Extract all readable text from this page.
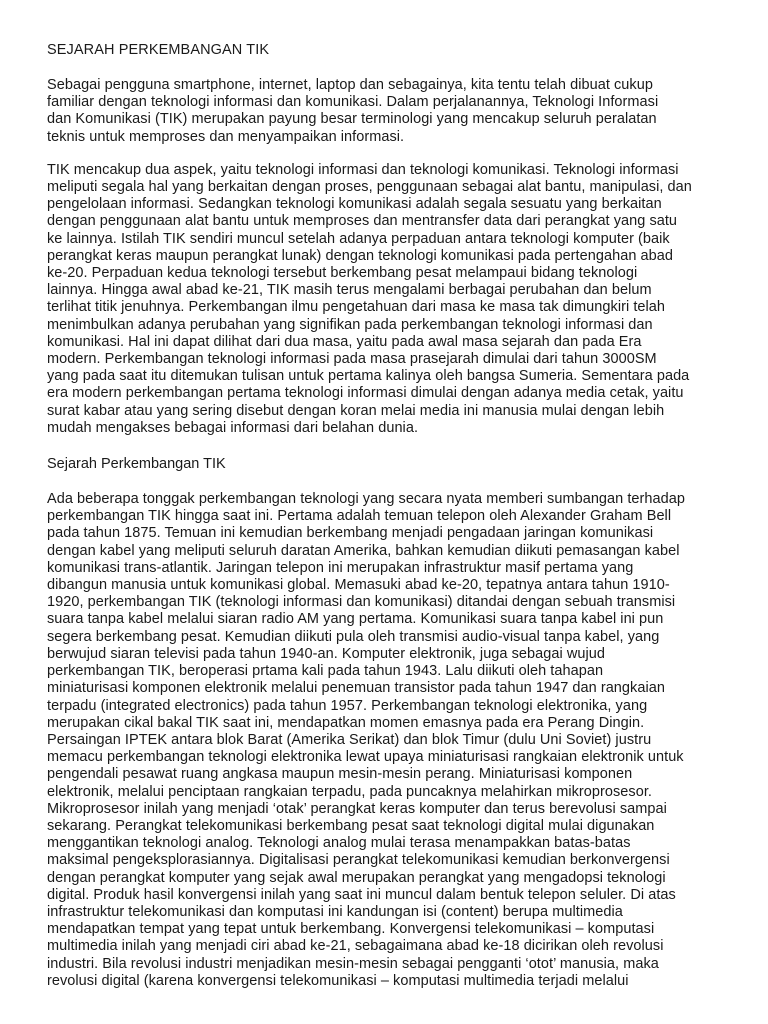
SEJARAH PERKEMBANGAN TIK
Sebagai pengguna smartphone, internet, laptop dan sebagainya, kita tentu telah dibuat cukup
familiar dengan teknologi informasi dan komunikasi. Dalam perjalanannya, Teknologi Informasi
dan Komunikasi (TIK) merupakan payung besar terminologi yang mencakup seluruh peralatan
teknis untuk memproses dan menyampaikan informasi.
TIK mencakup dua aspek, yaitu teknologi informasi dan teknologi komunikasi. Teknologi informasi
meliputi segala hal yang berkaitan dengan proses, penggunaan sebagai alat bantu, manipulasi, dan
pengelolaan informasi. Sedangkan teknologi komunikasi adalah segala sesuatu yang berkaitan
dengan penggunaan alat bantu untuk memproses dan mentransfer data dari perangkat yang satu
ke lainnya. Istilah TIK sendiri muncul setelah adanya perpaduan antara teknologi komputer (baik
perangkat keras maupun perangkat lunak) dengan teknologi komunikasi pada pertengahan abad
ke-20. Perpaduan kedua teknologi tersebut berkembang pesat melampaui bidang teknologi
lainnya. Hingga awal abad ke-21, TIK masih terus mengalami berbagai perubahan dan belum
terlihat titik jenuhnya. Perkembangan ilmu pengetahuan dari masa ke masa tak dimungkiri telah
menimbulkan adanya perubahan yang signifikan pada perkembangan teknologi informasi dan
komunikasi. Hal ini dapat dilihat dari dua masa, yaitu pada awal masa sejarah dan pada Era
modern. Perkembangan teknologi informasi pada masa prasejarah dimulai dari tahun 3000SM
yang pada saat itu ditemukan tulisan untuk pertama kalinya oleh bangsa Sumeria. Sementara pada
era modern perkembangan pertama teknologi informasi dimulai dengan adanya media cetak, yaitu
surat kabar atau yang sering disebut dengan koran melai media ini manusia mulai dengan lebih
mudah mengakses bebagai informasi dari belahan dunia.
Sejarah Perkembangan TIK
Ada beberapa tonggak perkembangan teknologi yang secara nyata memberi sumbangan terhadap
perkembangan TIK hingga saat ini. Pertama adalah temuan telepon oleh Alexander Graham Bell
pada tahun 1875. Temuan ini kemudian berkembang menjadi pengadaan jaringan komunikasi
dengan kabel yang meliputi seluruh daratan Amerika, bahkan kemudian diikuti pemasangan kabel
komunikasi trans-atlantik. Jaringan telepon ini merupakan infrastruktur masif pertama yang
dibangun manusia untuk komunikasi global. Memasuki abad ke-20, tepatnya antara tahun 1910-
1920, perkembangan TIK (teknologi informasi dan komunikasi) ditandai dengan sebuah transmisi
suara tanpa kabel melalui siaran radio AM yang pertama. Komunikasi suara tanpa kabel ini pun
segera berkembang pesat. Kemudian diikuti pula oleh transmisi audio-visual tanpa kabel, yang
berwujud siaran televisi pada tahun 1940-an. Komputer elektronik, juga sebagai wujud
perkembangan TIK, beroperasi prtama kali pada tahun 1943. Lalu diikuti oleh tahapan
miniaturisasi komponen elektronik melalui penemuan transistor pada tahun 1947 dan rangkaian
terpadu (integrated electronics) pada tahun 1957. Perkembangan teknologi elektronika, yang
merupakan cikal bakal TIK saat ini, mendapatkan momen emasnya pada era Perang Dingin.
Persaingan IPTEK antara blok Barat (Amerika Serikat) dan blok Timur (dulu Uni Soviet) justru
memacu perkembangan teknologi elektronika lewat upaya miniaturisasi rangkaian elektronik untuk
pengendali pesawat ruang angkasa maupun mesin-mesin perang. Miniaturisasi komponen
elektronik, melalui penciptaan rangkaian terpadu, pada puncaknya melahirkan mikroprosesor.
Mikroprosesor inilah yang menjadi ‘otak’ perangkat keras komputer dan terus berevolusi sampai
sekarang. Perangkat telekomunikasi berkembang pesat saat teknologi digital mulai digunakan
menggantikan teknologi analog. Teknologi analog mulai terasa menampakkan batas-batas
maksimal pengeksplorasiannya. Digitalisasi perangkat telekomunikasi kemudian berkonvergensi
dengan perangkat komputer yang sejak awal merupakan perangkat yang mengadopsi teknologi
digital. Produk hasil konvergensi inilah yang saat ini muncul dalam bentuk telepon seluler. Di atas
infrastruktur telekomunikasi dan komputasi ini kandungan isi (content) berupa multimedia
mendapatkan tempat yang tepat untuk berkembang. Konvergensi telekomunikasi – komputasi
multimedia inilah yang menjadi ciri abad ke-21, sebagaimana abad ke-18 dicirikan oleh revolusi
industri. Bila revolusi industri menjadikan mesin-mesin sebagai pengganti ‘otot’ manusia, maka
revolusi digital (karena konvergensi telekomunikasi – komputasi multimedia terjadi melalui
